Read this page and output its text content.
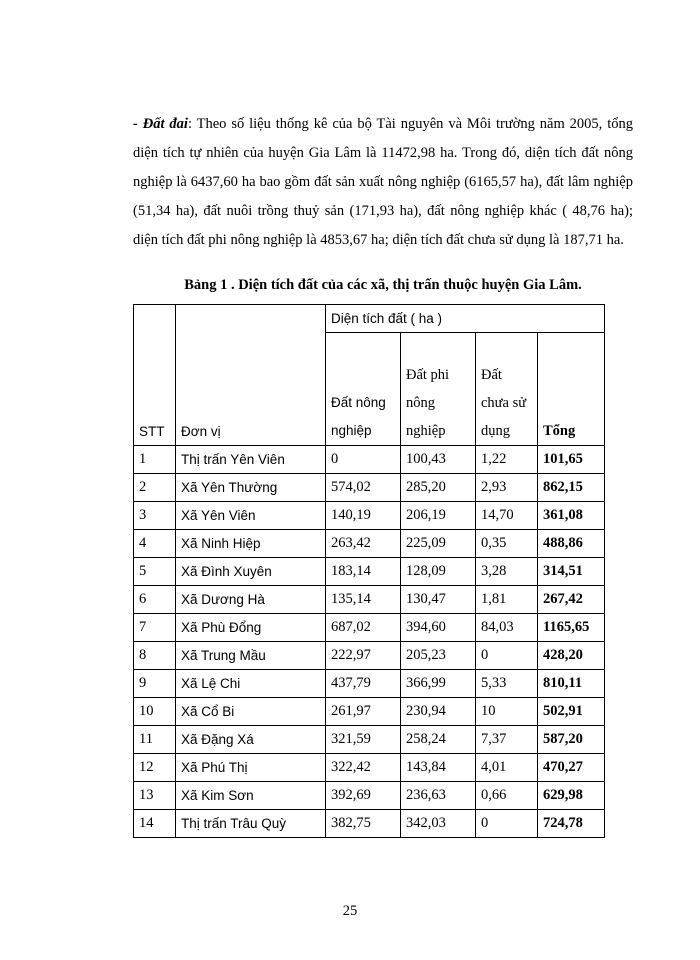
- Đất đai: Theo số liệu thống kê của bộ Tài nguyên và Môi trường năm 2005, tổng diện tích tự nhiên của huyện Gia Lâm là 11472,98 ha. Trong đó, diện tích đất nông nghiệp là 6437,60 ha bao gồm đất sản xuất nông nghiệp (6165,57 ha), đất lâm nghiệp (51,34 ha), đất nuôi trồng thuỷ sản (171,93 ha), đất nông nghiệp khác ( 48,76 ha); diện tích đất phi nông nghiệp là 4853,67 ha; diện tích đất chưa sử dụng là 187,71 ha.
Bảng 1 . Diện tích đất của các xã, thị trấn thuộc huyện Gia Lâm.
STT	Đơn vị	Diện tích đất ( ha )			
		Đất nông nghiệp	Đất phi nông nghiệp	Đất chưa sử dụng	Tổng
1	Thị trấn Yên Viên	0	100,43	1,22	101,65
2	Xã Yên Thường	574,02	285,20	2,93	862,15
3	Xã Yên Viên	140,19	206,19	14,70	361,08
4	Xã Ninh Hiệp	263,42	225,09	0,35	488,86
5	Xã Đình Xuyên	183,14	128,09	3,28	314,51
6	Xã Dương Hà	135,14	130,47	1,81	267,42
7	Xã Phù Đổng	687,02	394,60	84,03	1165,65
8	Xã Trung Mầu	222,97	205,23	0	428,20
9	Xã Lệ Chi	437,79	366,99	5,33	810,11
10	Xã Cổ Bi	261,97	230,94	10	502,91
11	Xã Đặng Xá	321,59	258,24	7,37	587,20
12	Xã Phú Thị	322,42	143,84	4,01	470,27
13	Xã Kim Sơn	392,69	236,63	0,66	629,98
14	Thị trấn Trâu Quỳ	382,75	342,03	0	724,78
25
